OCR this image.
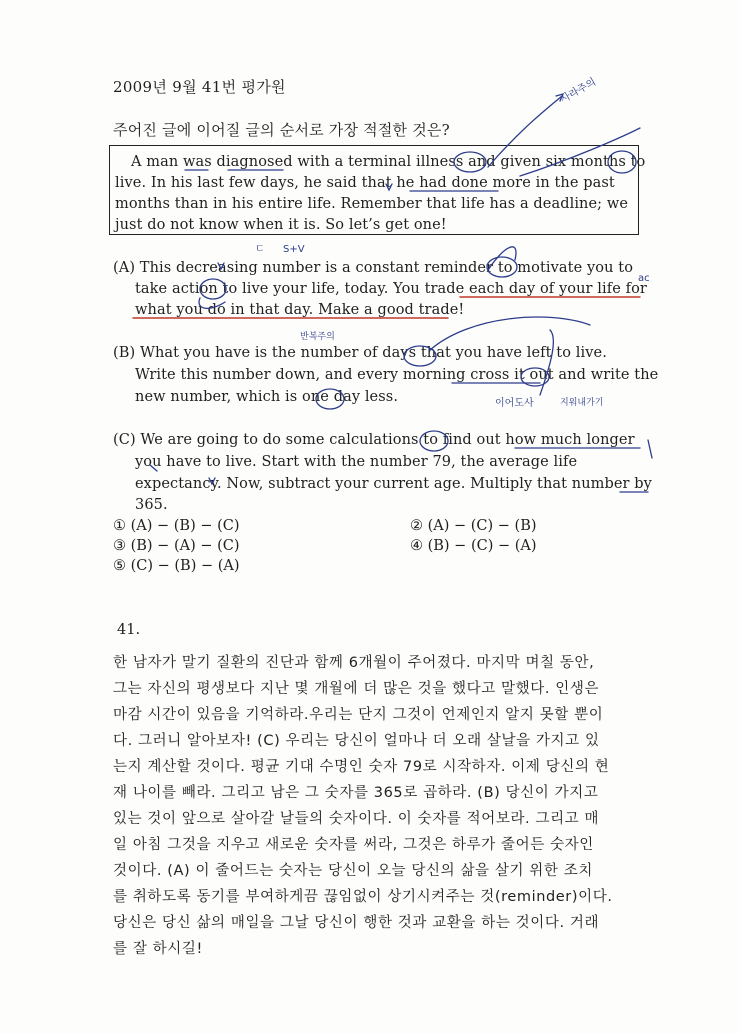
2009년 9월 41번 평가원
주어진 글에 이어질 글의 순서로 가장 적절한 것은?
A man was diagnosed with a terminal illness and given six months to
live. In his last few days, he said that he had done more in the past
months than in his entire life. Remember that life has a deadline; we
just do not know when it is. So let’s get one!
(A) This decreasing number is a constant reminder to motivate you to
take action to live your life, today. You trade each day of your life for
what you do in that day. Make a good trade!
(B) What you have is the number of days that you have left to live.
Write this number down, and every morning cross it out and write the
new number, which is one day less.
(C) We are going to do some calculations to find out how much longer
you have to live. Start with the number 79, the average life
expectancy. Now, subtract your current age. Multiply that number by
365.
① (A) − (B) − (C)	② (A) − (C) − (B)
③ (B) − (A) − (C)	④ (B) − (C) − (A)
⑤ (C) − (B) − (A)
41.
한 남자가 말기 질환의 진단과 함께 6개월이 주어졌다. 마지막 며칠 동안,
그는 자신의 평생보다 지난 몇 개월에 더 많은 것을 했다고 말했다. 인생은
마감 시간이 있음을 기억하라.우리는 단지 그것이 언제인지 알지 못할 뿐이
다. 그러니 알아보자! (C) 우리는 당신이 얼마나 더 오래 살날을 가지고 있
는지 계산할 것이다. 평균 기대 수명인 숫자 79로 시작하자. 이제 당신의 현
재 나이를 빼라. 그리고 남은 그 숫자를 365로 곱하라. (B) 당신이 가지고
있는 것이 앞으로 살아갈 날들의 숫자이다. 이 숫자를 적어보라. 그리고 매
일 아침 그것을 지우고 새로운 숫자를 써라, 그것은 하루가 줄어든 숫자인
것이다. (A) 이 줄어드는 숫자는 당신이 오늘 당신의 삶을 살기 위한 조치
를 취하도록 동기를 부여하게끔 끊임없이 상기시켜주는 것(reminder)이다.
당신은 당신 삶의 매일을 그날 당신이 행한 것과 교환을 하는 것이다. 거래
를 잘 하시길!
사라주의
S+V
ㄷ
ac
반복주의
이어도사	지워내가기
